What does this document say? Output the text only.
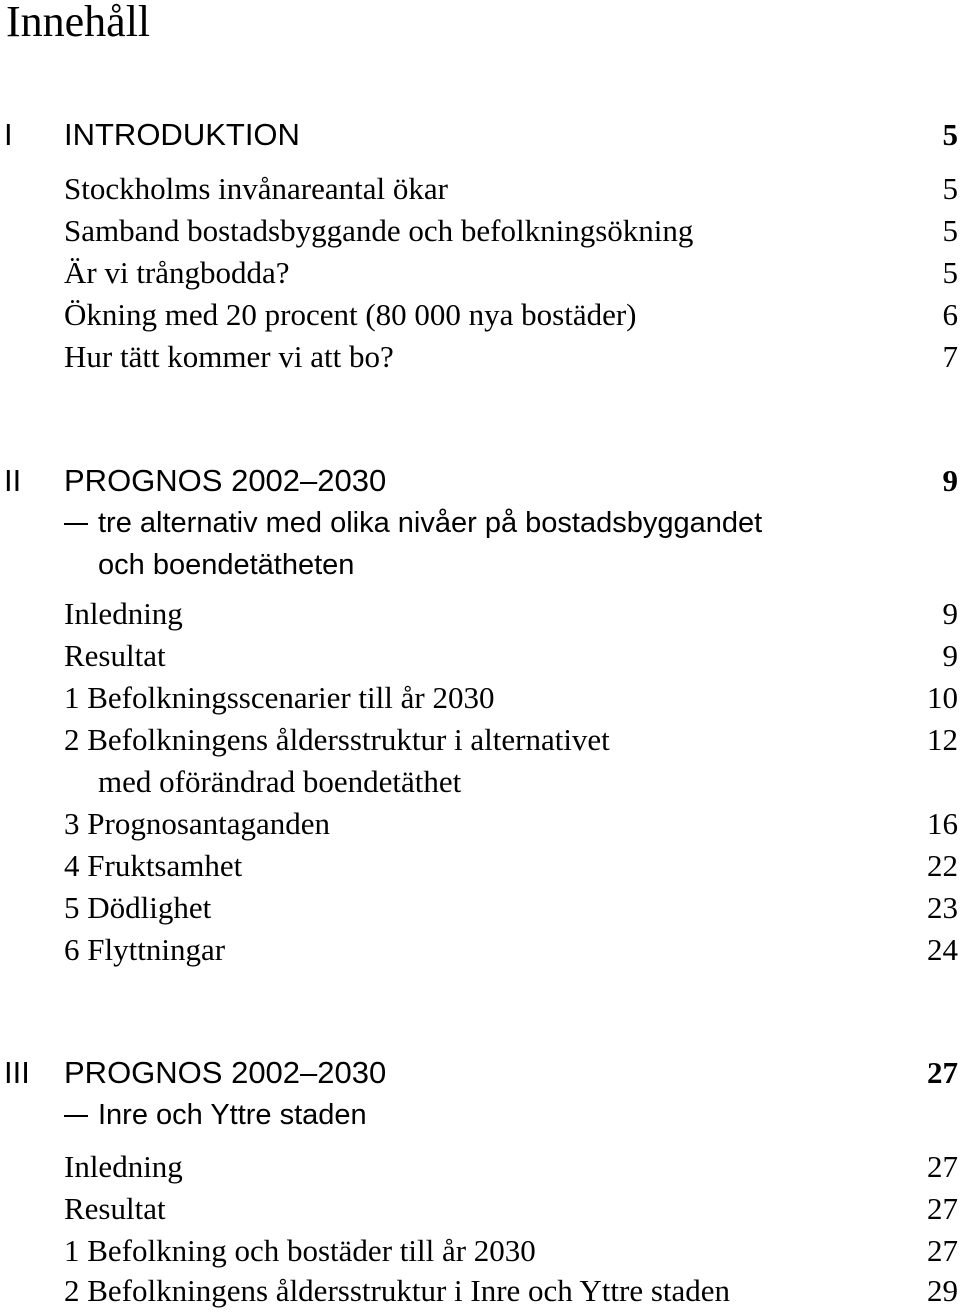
Innehåll
I INTRODUKTION	5
Stockholms invånareantal ökar	5
Samband bostadsbyggande och befolkningsökning	5
Är vi trångbodda?	5
Ökning med 20 procent (80 000 nya bostäder)	6
Hur tätt kommer vi att bo?	7
II PROGNOS 2002–2030	9
tre alternativ med olika nivåer på bostadsbyggandet
och boendetätheten
Inledning	9
Resultat	9
1 Befolkningsscenarier till år 2030	10
2 Befolkningens åldersstruktur i alternativet	12
med oförändrad boendetäthet
3 Prognosantaganden	16
4 Fruktsamhet	22
5 Dödlighet	23
6 Flyttningar	24
III PROGNOS 2002–2030	27
Inre och Yttre staden
Inledning	27
Resultat	27
1 Befolkning och bostäder till år 2030	27
2 Befolkningens åldersstruktur i Inre och Yttre staden	29
